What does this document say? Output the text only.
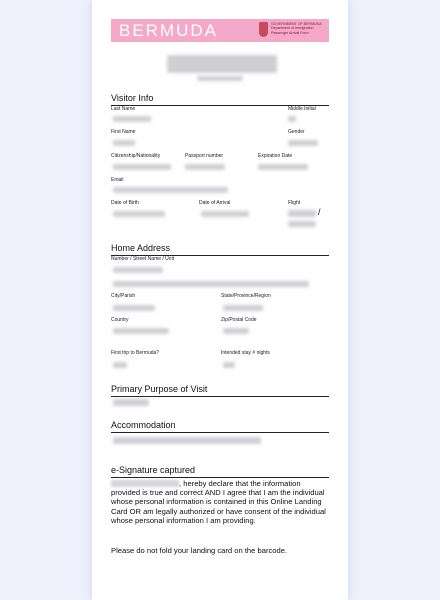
BERMUDA	GOVERNMENT OF BERMUDA
Department of Immigration
Passenger Arrival Form
Visitor Info
Last Name	Middle Initial
First Name	Gender
Citizenship/Nationality	Passport number	Expiration Date
Email
Date of Birth	Date of Arrival	Flight
/
Home Address
Number / Street Name / Unit
City/Parish	State/Province/Region
Country	Zip/Postal Code
First trip to Bermuda?	Intended stay # nights
Primary Purpose of Visit
Accommodation
e-Signature captured
, hereby declare that the information provided is true and correct AND I agree that I am the individual whose personal information is contained in this Online Landing Card OR am legally authorized or have consent of the individual whose personal information I am providing.
Please do not fold your landing card on the barcode.
